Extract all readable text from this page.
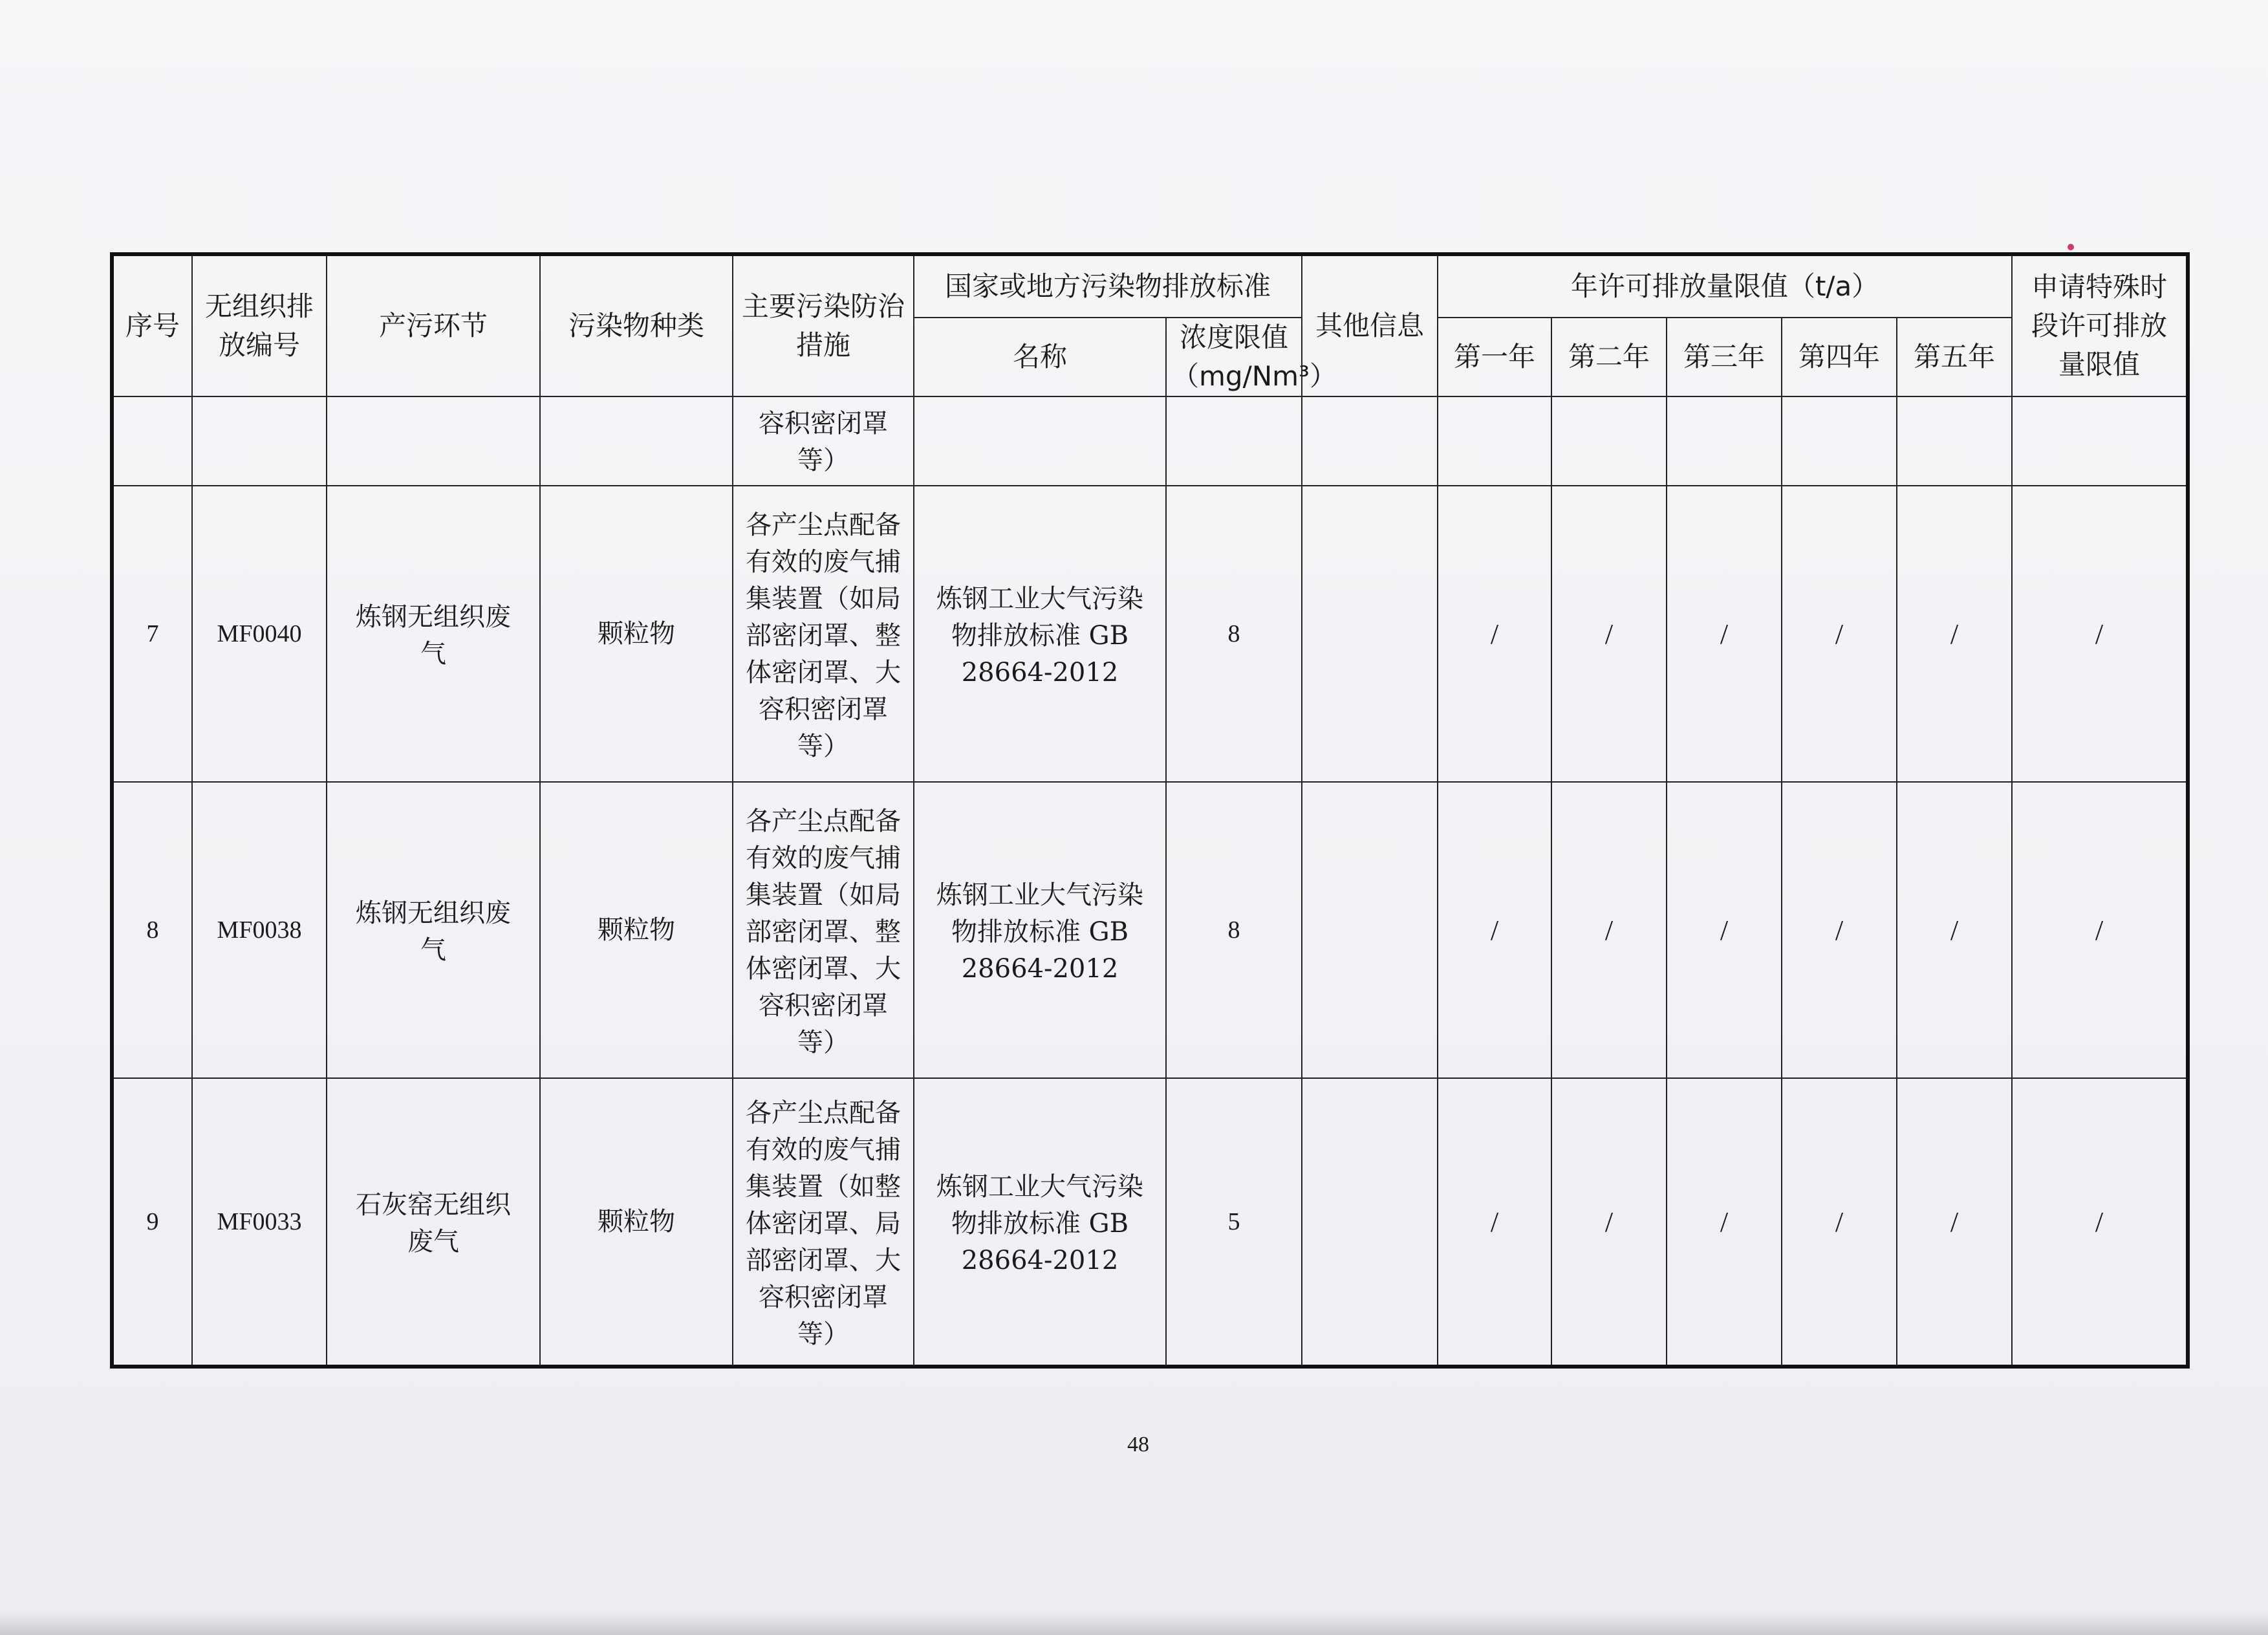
序号	无组织排放编号	产污环节	污染物种类	主要污染防治措施	国家或地方污染物排放标准		其他信息	年许可排放量限值（t/a）					申请特殊时段许可排放量限值
					名称	浓度限值（mg/Nm³）		第一年	第二年	第三年	第四年	第五年	
				容积密闭罩等）									
7	MF0040	炼钢无组织废气	颗粒物	各产尘点配备有效的废气捕集装置（如局部密闭罩、整体密闭罩、大容积密闭罩等）	炼钢工业大气污染物排放标准 GB 28664-2012	8		/	/	/	/	/	/
8	MF0038	炼钢无组织废气	颗粒物	各产尘点配备有效的废气捕集装置（如局部密闭罩、整体密闭罩、大容积密闭罩等）	炼钢工业大气污染物排放标准 GB 28664-2012	8		/	/	/	/	/	/
9	MF0033	石灰窑无组织废气	颗粒物	各产尘点配备有效的废气捕集装置（如整体密闭罩、局部密闭罩、大容积密闭罩等）	炼钢工业大气污染物排放标准 GB 28664-2012	5		/	/	/	/	/	/
48
